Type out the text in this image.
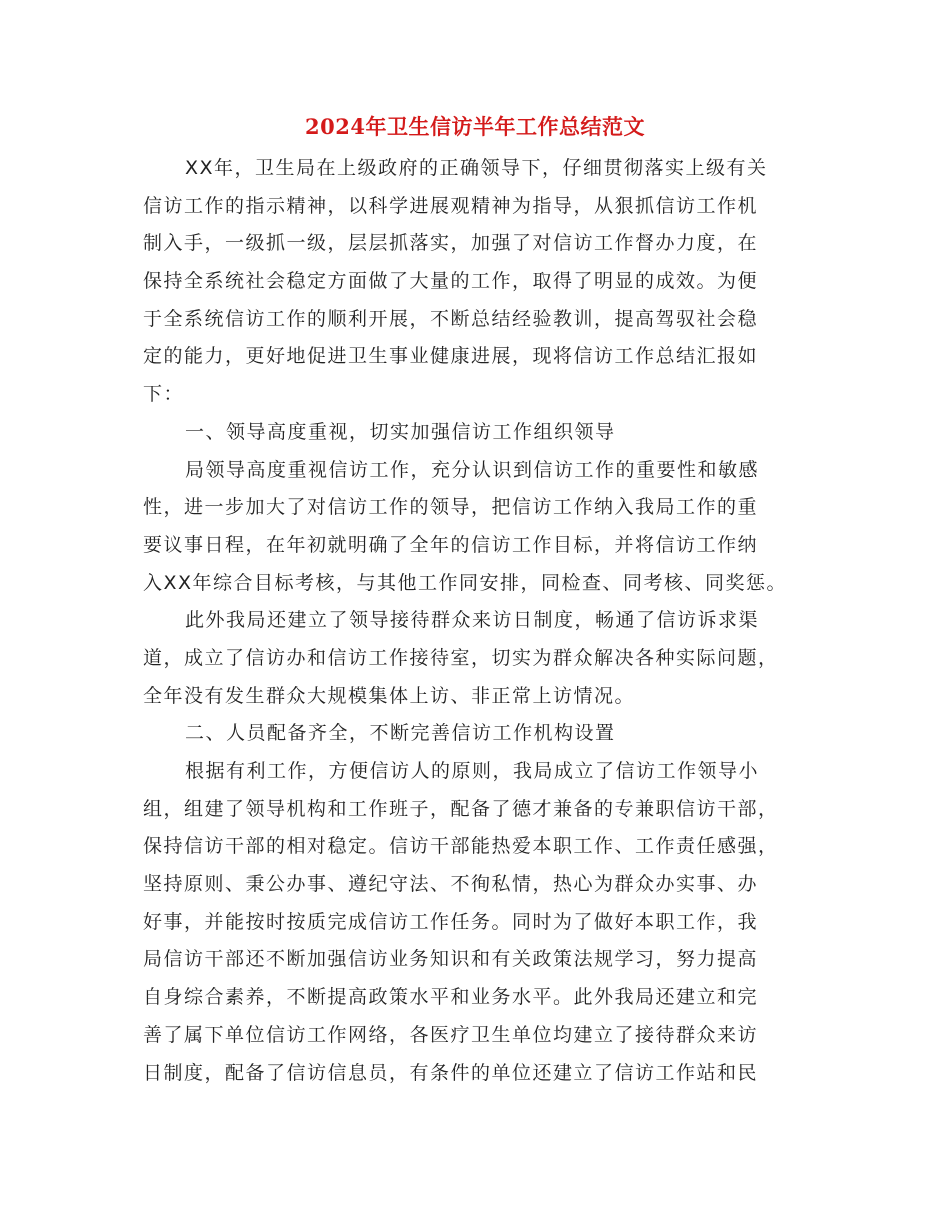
2024年卫生信访半年工作总结范文
XX年，卫生局在上级政府的正确领导下，仔细贯彻落实上级有关
信访工作的指示精神，以科学进展观精神为指导，从狠抓信访工作机
制入手，一级抓一级，层层抓落实，加强了对信访工作督办力度，在
保持全系统社会稳定方面做了大量的工作，取得了明显的成效。为便
于全系统信访工作的顺利开展，不断总结经验教训，提高驾驭社会稳
定的能力，更好地促进卫生事业健康进展，现将信访工作总结汇报如
下：
一、领导高度重视，切实加强信访工作组织领导
局领导高度重视信访工作，充分认识到信访工作的重要性和敏感
性，进一步加大了对信访工作的领导，把信访工作纳入我局工作的重
要议事日程，在年初就明确了全年的信访工作目标，并将信访工作纳
入XX年综合目标考核，与其他工作同安排，同检查、同考核、同奖惩。
此外我局还建立了领导接待群众来访日制度，畅通了信访诉求渠
道，成立了信访办和信访工作接待室，切实为群众解决各种实际问题，
全年没有发生群众大规模集体上访、非正常上访情况。
二、人员配备齐全，不断完善信访工作机构设置
根据有利工作，方便信访人的原则，我局成立了信访工作领导小
组，组建了领导机构和工作班子，配备了德才兼备的专兼职信访干部，
保持信访干部的相对稳定。信访干部能热爱本职工作、工作责任感强，
坚持原则、秉公办事、遵纪守法、不徇私情，热心为群众办实事、办
好事，并能按时按质完成信访工作任务。同时为了做好本职工作，我
局信访干部还不断加强信访业务知识和有关政策法规学习，努力提高
自身综合素养，不断提高政策水平和业务水平。此外我局还建立和完
善了属下单位信访工作网络，各医疗卫生单位均建立了接待群众来访
日制度，配备了信访信息员，有条件的单位还建立了信访工作站和民
